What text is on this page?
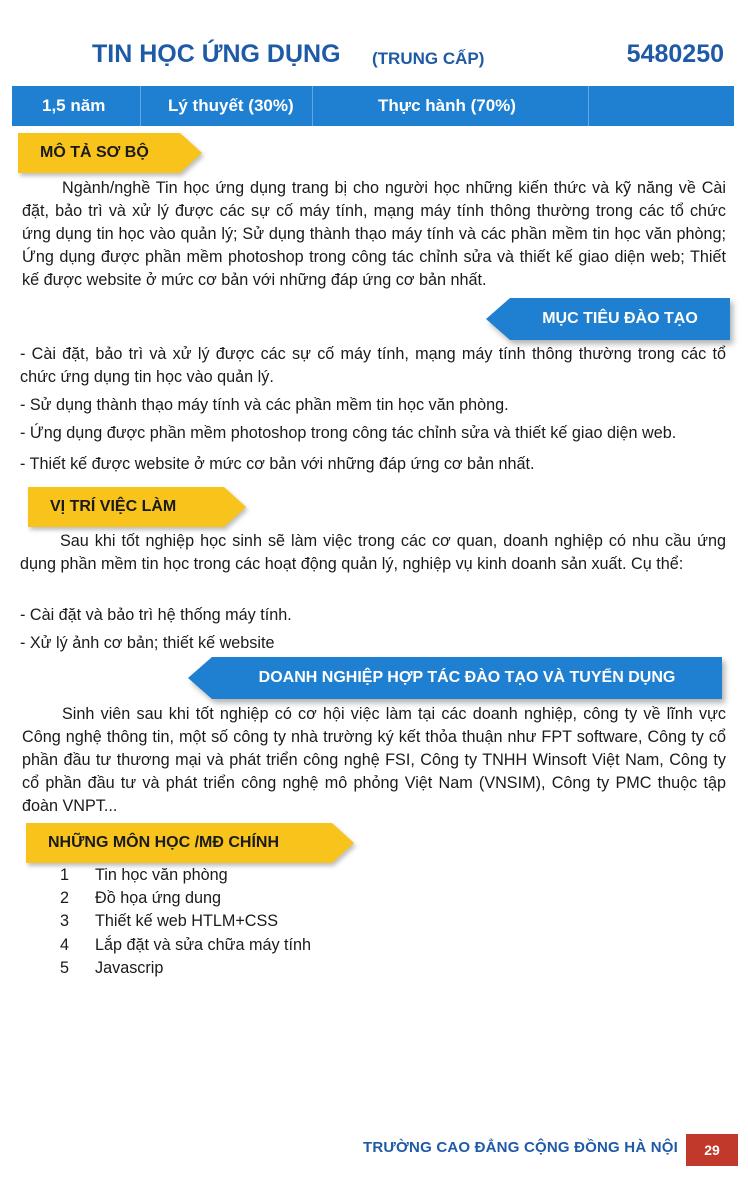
TIN HỌC ỨNG DỤNG (TRUNG CẤP)	5480250
1,5 năm	Lý thuyết (30%)	Thực hành (70%)
MÔ TẢ SƠ BỘ
Ngành/nghề Tin học ứng dụng trang bị cho người học những kiến thức và kỹ năng về Cài đặt, bảo trì và xử lý được các sự cố máy tính, mạng máy tính thông thường trong các tổ chức ứng dụng tin học vào quản lý; Sử dụng thành thạo máy tính và các phần mềm tin học văn phòng; Ứng dụng được phần mềm photoshop trong công tác chỉnh sửa và thiết kế giao diện web; Thiết kế được website ở mức cơ bản với những đáp ứng cơ bản nhất.
MỤC TIÊU ĐÀO TẠO
- Cài đặt, bảo trì và xử lý được các sự cố máy tính, mạng máy tính thông thường trong các tổ chức ứng dụng tin học vào quản lý.
- Sử dụng thành thạo máy tính và các phần mềm tin học văn phòng.
- Ứng dụng được phần mềm photoshop trong công tác chỉnh sửa và thiết kế giao diện web.
- Thiết kế được website ở mức cơ bản với những đáp ứng cơ bản nhất.
VỊ TRÍ VIỆC LÀM
Sau khi tốt nghiệp học sinh sẽ làm việc trong các cơ quan, doanh nghiệp có nhu cầu ứng dụng phần mềm tin học trong các hoạt động quản lý, nghiệp vụ kinh doanh sản xuất. Cụ thể:
- Cài đặt và bảo trì hệ thống máy tính.
- Xử lý ảnh cơ bản; thiết kế website
DOANH NGHIỆP HỢP TÁC ĐÀO TẠO VÀ TUYỂN DỤNG
Sinh viên sau khi tốt nghiệp có cơ hội việc làm tại các doanh nghiệp, công ty về lĩnh vực Công nghệ thông tin, một số công ty nhà trường ký kết thỏa thuận như FPT software, Công ty cổ phần đầu tư thương mại và phát triển công nghệ FSI, Công ty TNHH Winsoft Việt Nam, Công ty cổ phần đầu tư và phát triển công nghệ mô phỏng Việt Nam (VNSIM), Công ty PMC thuộc tập đoàn VNPT...
NHỮNG MÔN HỌC /MĐ CHÍNH
1 Tin học văn phòng
2 Đồ họa ứng dung
3 Thiết kế web HTLM+CSS
4 Lắp đặt và sửa chữa máy tính
5 Javascrip
TRƯỜNG CAO ĐẲNG CỘNG ĐỒNG HÀ NỘI	29
